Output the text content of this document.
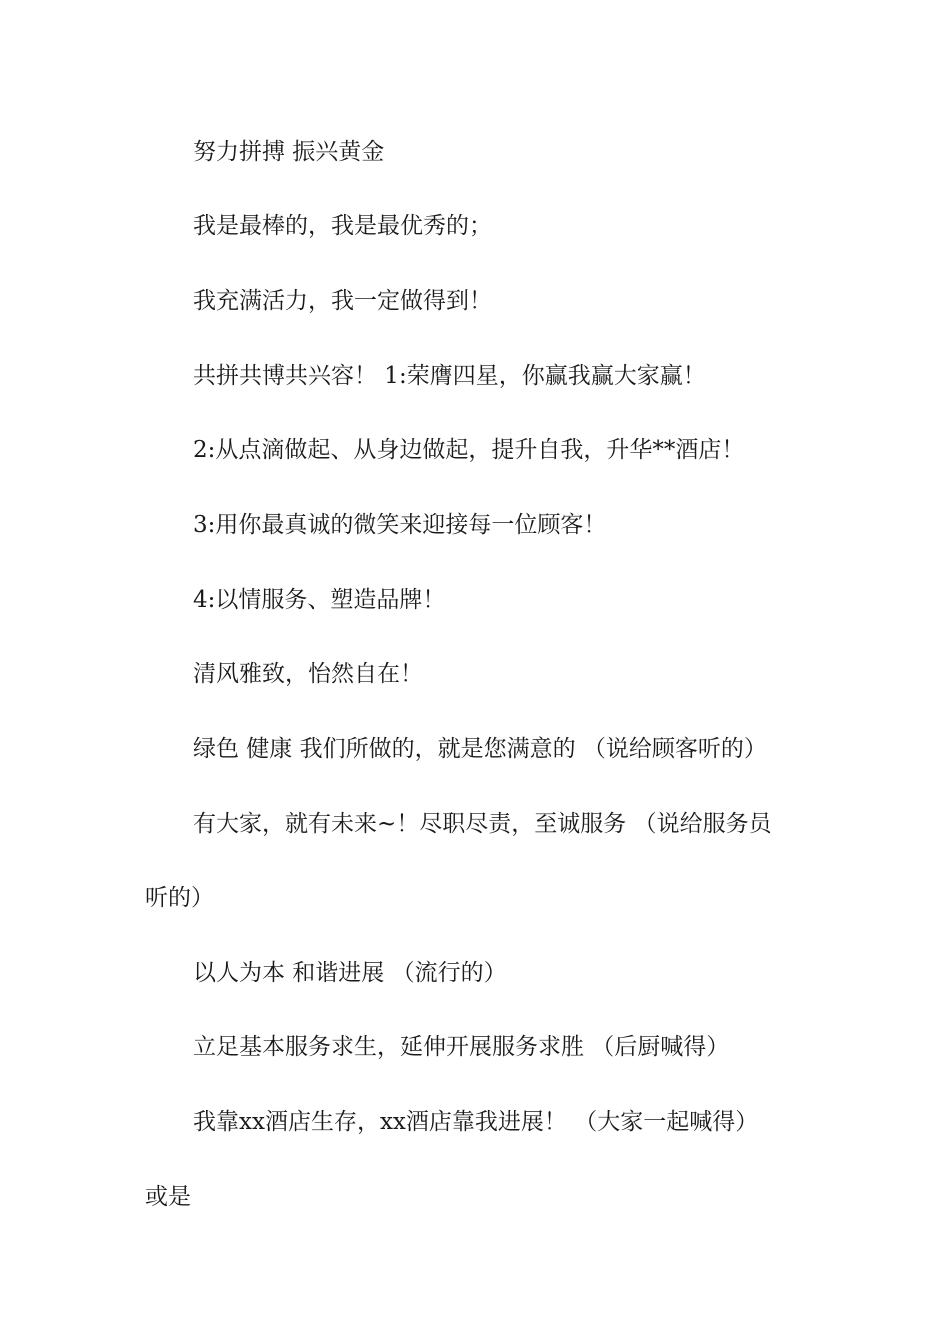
努力拼搏 振兴黄金
我是最棒的，我是最优秀的；
我充满活力，我一定做得到！
共拼共博共兴容！ 1:荣膺四星，你赢我赢大家赢！
2:从点滴做起、从身边做起，提升自我，升华**酒店！
3:用你最真诚的微笑来迎接每一位顾客！
4:以情服务、塑造品牌！
清风雅致，怡然自在！
绿色 健康 我们所做的，就是您满意的 （说给顾客听的）
有大家，就有未来~！尽职尽责，至诚服务 （说给服务员
听的）
以人为本 和谐进展 （流行的）
立足基本服务求生，延伸开展服务求胜 （后厨喊得）
我靠xx酒店生存，xx酒店靠我进展！ （大家一起喊得）
或是
